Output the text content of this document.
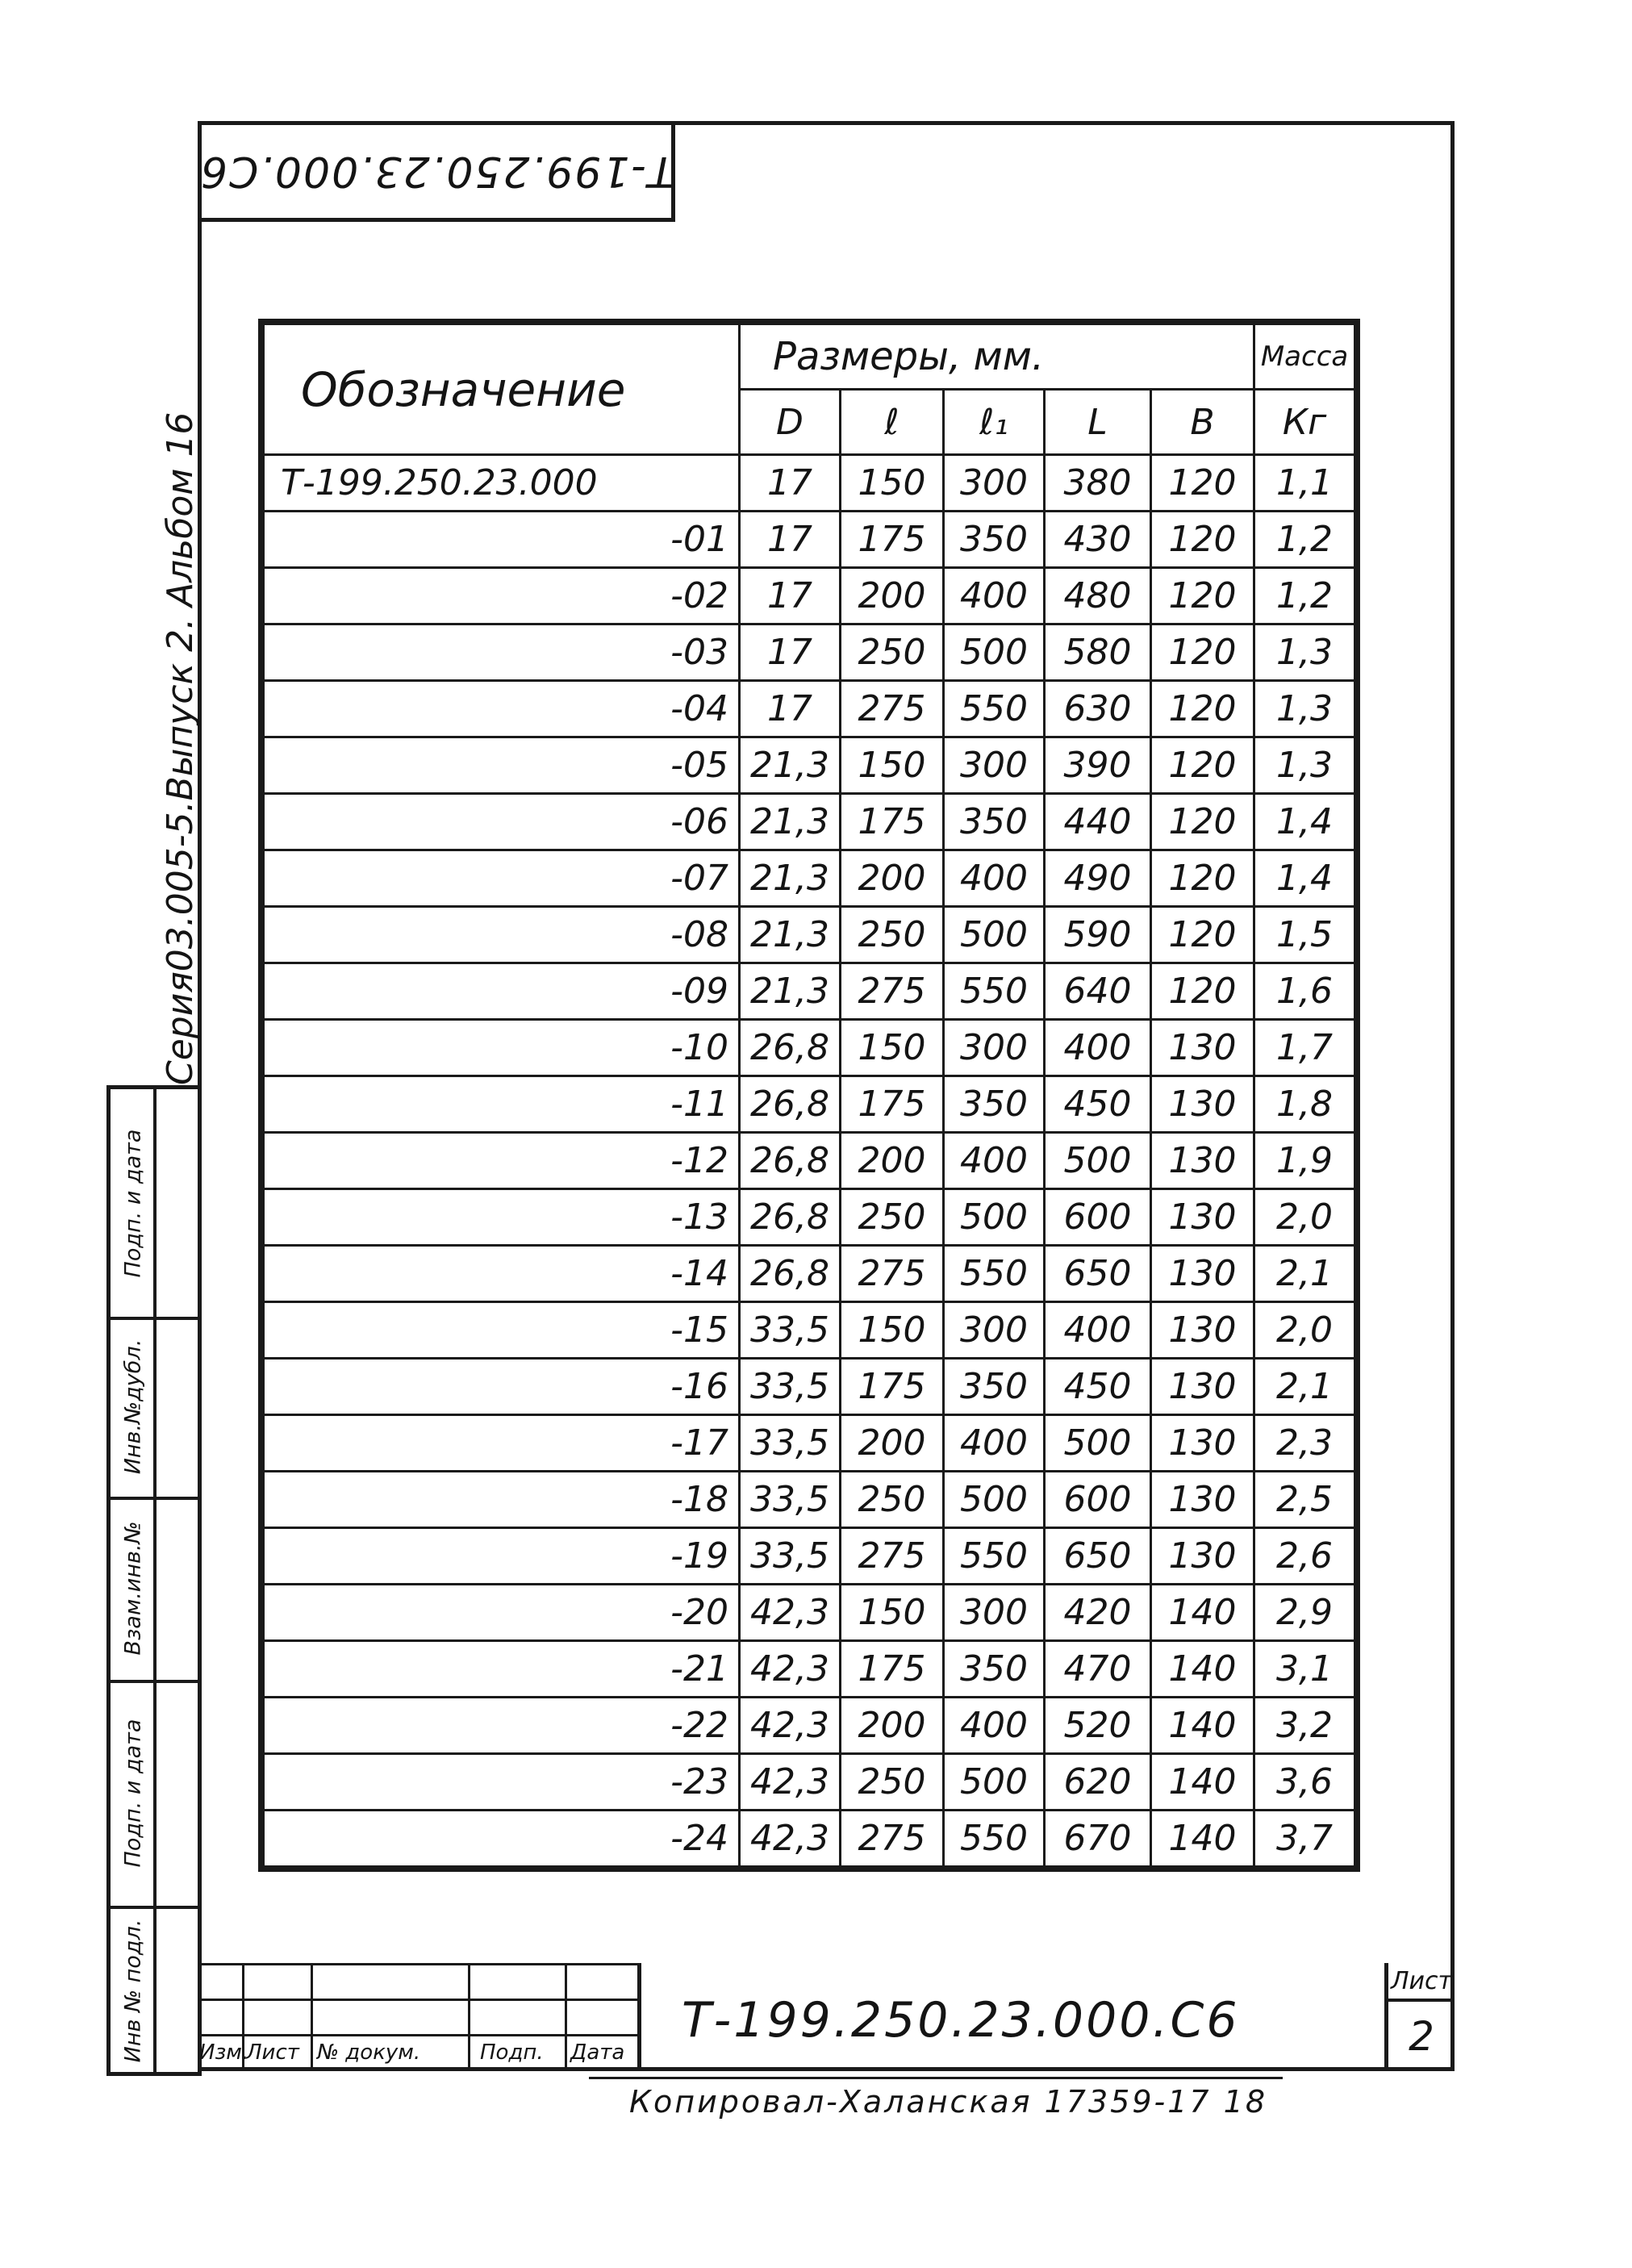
Т-199.250.23.000.С6
Серия03.005-5.Выпуск 2. Альбом 16
Подп. и дата
Инв.№дубл.
Взам.инв.№
Подп. и дата
Инв № подл.
Обозначение	Размеры, мм.					Масса
	D	ℓ	ℓ₁	L	B	Кг
Т-199.250.23.000	17	150	300	380	120	1,1
-01	17	175	350	430	120	1,2
-02	17	200	400	480	120	1,2
-03	17	250	500	580	120	1,3
-04	17	275	550	630	120	1,3
-05	21,3	150	300	390	120	1,3
-06	21,3	175	350	440	120	1,4
-07	21,3	200	400	490	120	1,4
-08	21,3	250	500	590	120	1,5
-09	21,3	275	550	640	120	1,6
-10	26,8	150	300	400	130	1,7
-11	26,8	175	350	450	130	1,8
-12	26,8	200	400	500	130	1,9
-13	26,8	250	500	600	130	2,0
-14	26,8	275	550	650	130	2,1
-15	33,5	150	300	400	130	2,0
-16	33,5	175	350	450	130	2,1
-17	33,5	200	400	500	130	2,3
-18	33,5	250	500	600	130	2,5
-19	33,5	275	550	650	130	2,6
-20	42,3	150	300	420	140	2,9
-21	42,3	175	350	470	140	3,1
-22	42,3	200	400	520	140	3,2
-23	42,3	250	500	620	140	3,6
-24	42,3	275	550	670	140	3,7
Изм.
Лист № докум.	Подп. Дата
Т-199.250.23.000.С6
Лист
2
Копировал-Халанская 17359-17 18
